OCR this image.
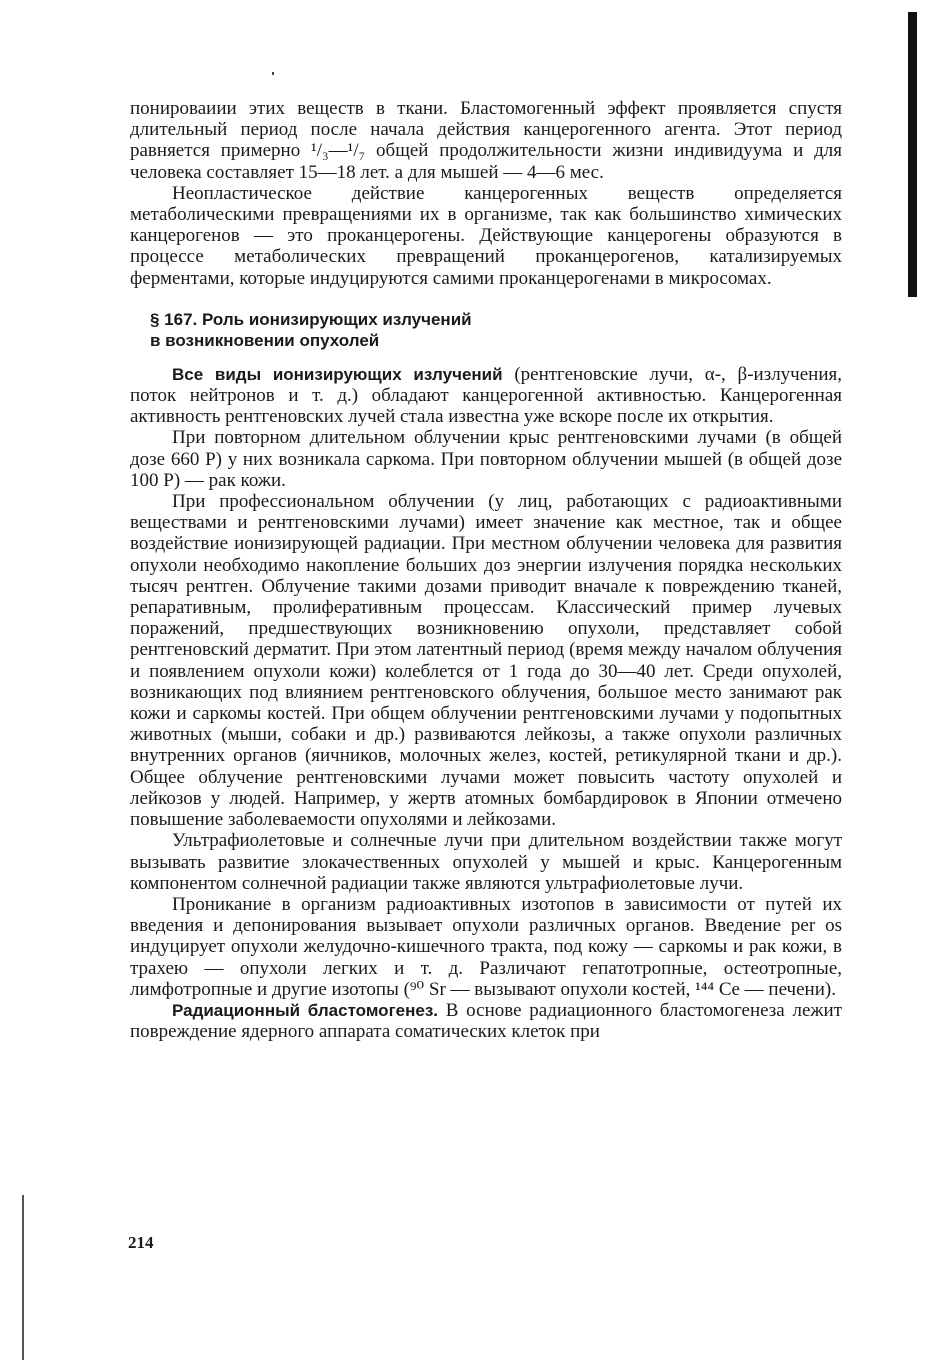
понироваиии этих веществ в ткани. Бластомогенный эффект проявляется спустя длительный период после начала действия канцерогенного агента. Этот период равняется примерно ¹/₃—¹/₇ общей продолжительности жизни индивидуума и для человека составляет 15—18 лет. а для мышей — 4—6 мес.

Неопластическое действие канцерогенных веществ определяется метаболическими превращениями их в организме, так как большинство химических канцерогенов — это проканцерогены. Действующие канцерогены образуются в процессе метаболических превращений проканцерогенов, катализируемых ферментами, которые индуцируются самими проканцерогенами в микросомах.

§ 167. Роль ионизирующих излучений
в возникновении опухолей

Все виды ионизирующих излучений (рентгеновские лучи, α-, β-излучения, поток нейтронов и т. д.) обладают канцерогенной активностью. Канцерогенная активность рентгеновских лучей стала известна уже вскоре после их открытия.

При повторном длительном облучении крыс рентгеновскими лучами (в общей дозе 660 Р) у них возникала саркома. При повторном облучении мышей (в общей дозе 100 Р) — рак кожи.

При профессиональном облучении (у лиц, работающих с радиоактивными веществами и рентгеновскими лучами) имеет значение как местное, так и общее воздействие ионизирующей радиации. При местном облучении человека для развития опухоли необходимо накопление больших доз энергии излучения порядка нескольких тысяч рентген. Облучение такими дозами приводит вначале к повреждению тканей, репаративным, пролиферативным процессам. Классический пример лучевых поражений, предшествующих возникновению опухоли, представляет собой рентгеновский дерматит. При этом латентный период (время между началом облучения и появлением опухоли кожи) колеблется от 1 года до 30—40 лет. Среди опухолей, возникающих под влиянием рентгеновского облучения, большое место занимают рак кожи и саркомы костей. При общем облучении рентгеновскими лучами у подопытных животных (мыши, собаки и др.) развиваются лейкозы, а также опухоли различных внутренних органов (яичников, молочных желез, костей, ретикулярной ткани и др.). Общее облучение рентгеновскими лучами может повысить частоту опухолей и лейкозов у людей. Например, у жертв атомных бомбардировок в Японии отмечено повышение заболеваемости опухолями и лейкозами.

Ультрафиолетовые и солнечные лучи при длительном воздействии также могут вызывать развитие злокачественных опухолей у мышей и крыс. Канцерогенным компонентом солнечной радиации также являются ультрафиолетовые лучи.

Проникание в организм радиоактивных изотопов в зависимости от путей их введения и депонирования вызывает опухоли различных органов. Введение per os индуцирует опухоли желудочно-кишечного тракта, под кожу — саркомы и рак кожи, в трахею — опухоли легких и т. д. Различают гепатотропные, остеотропные, лимфотропные и другие изотопы (⁹⁰ Sr — вызывают опухоли костей, ¹⁴⁴ Ce — печени).

Радиационный бластомогенез. В основе радиационного бластомогенеза лежит повреждение ядерного аппарата соматических клеток при

214
